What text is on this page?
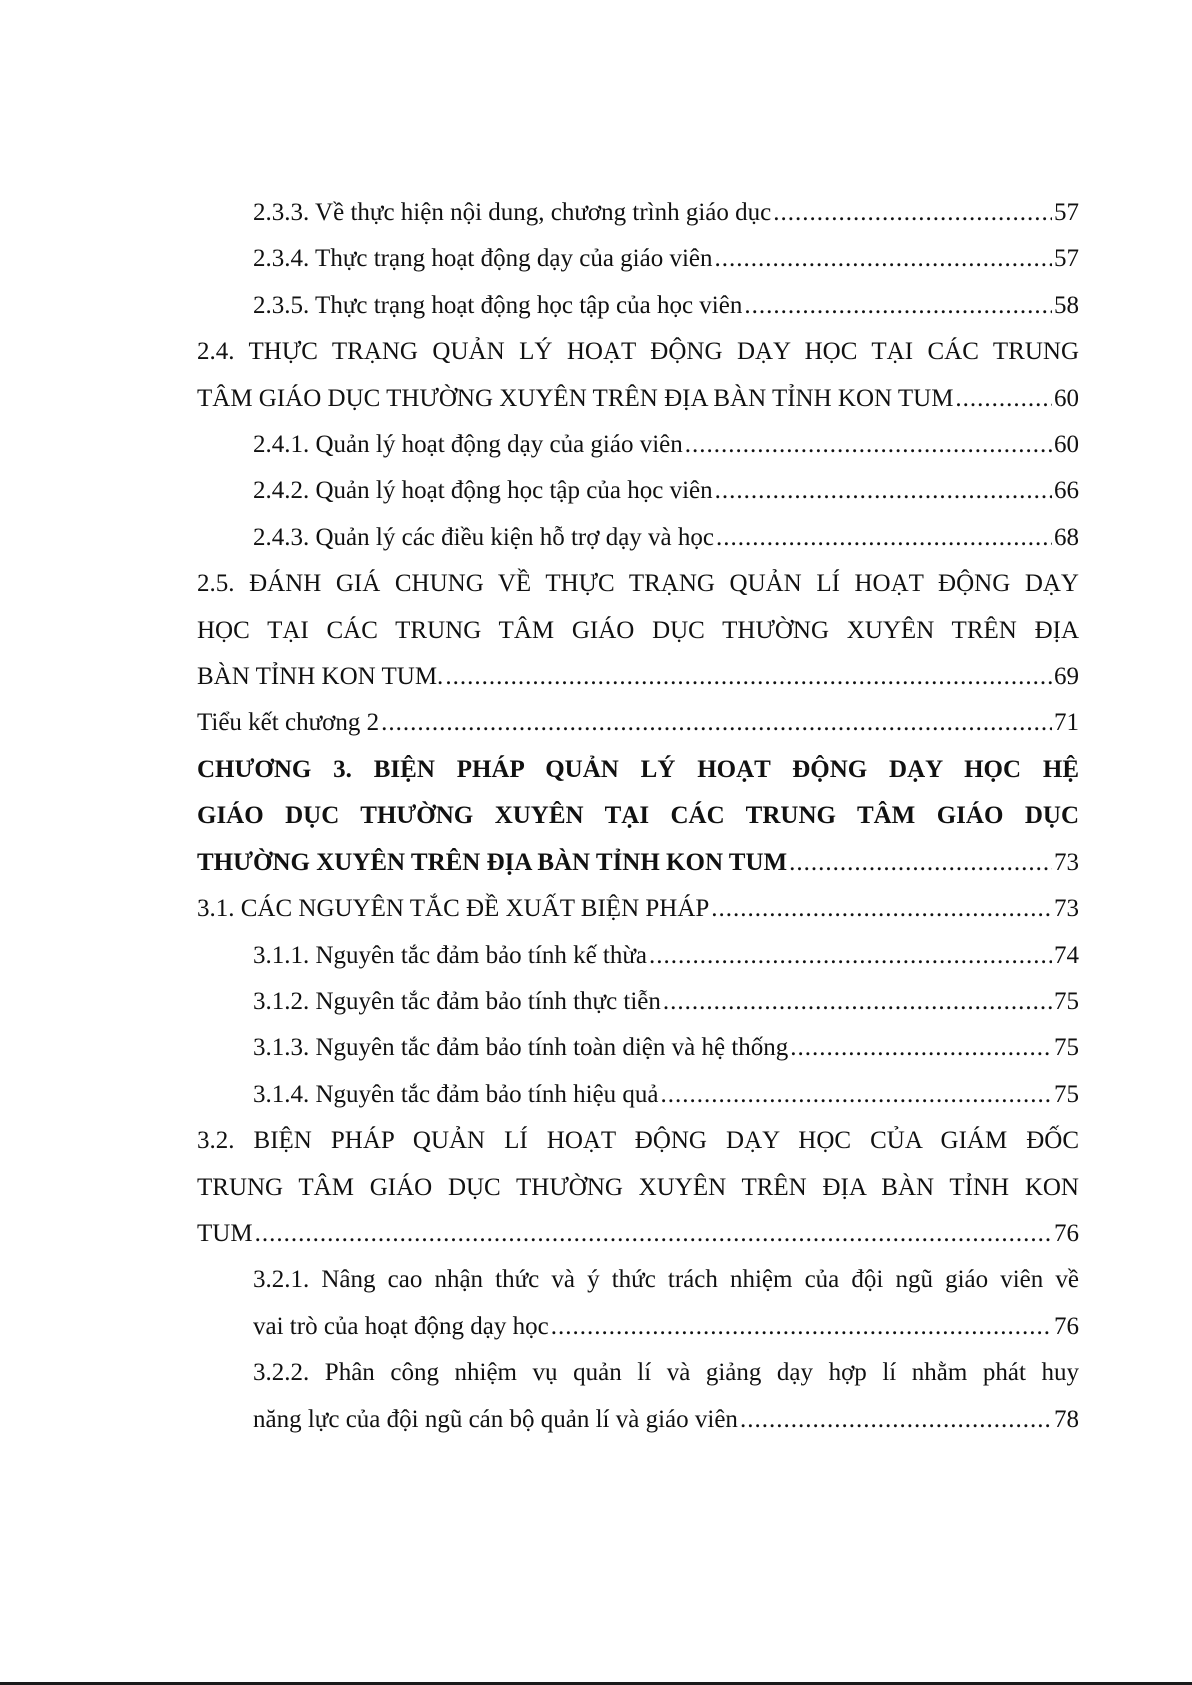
2.3.3. Về thực hiện nội dung, chương trình giáo dục .....	57
2.3.4. Thực trạng hoạt động dạy của giáo viên .....	57
2.3.5. Thực trạng hoạt động học tập của học viên .....	58
2.4. THỰC TRẠNG QUẢN LÝ HOẠT ĐỘNG DẠY HỌC TẠI CÁC TRUNG
TÂM GIÁO DỤC THƯỜNG XUYÊN TRÊN ĐỊA BÀN TỈNH KON TUM .....	60
2.4.1. Quản lý hoạt động dạy của giáo viên .....	60
2.4.2. Quản lý hoạt động học tập của học viên .....	66
2.4.3. Quản lý các điều kiện hỗ trợ dạy và học .....	68
2.5. ĐÁNH GIÁ CHUNG VỀ THỰC TRẠNG QUẢN LÍ HOẠT ĐỘNG DẠY
HỌC TẠI CÁC TRUNG TÂM GIÁO DỤC THƯỜNG XUYÊN TRÊN ĐỊA
BÀN TỈNH KON TUM. .....	69
Tiểu kết chương 2 .....	71
CHƯƠNG 3. BIỆN PHÁP QUẢN LÝ HOẠT ĐỘNG DẠY HỌC HỆ
GIÁO DỤC THƯỜNG XUYÊN TẠI CÁC TRUNG TÂM GIÁO DỤC
THƯỜNG XUYÊN TRÊN ĐỊA BÀN TỈNH KON TUM .....	73
3.1. CÁC NGUYÊN TẮC ĐỀ XUẤT BIỆN PHÁP .....	73
3.1.1. Nguyên tắc đảm bảo tính kế thừa .....	74
3.1.2. Nguyên tắc đảm bảo tính thực tiễn .....	75
3.1.3. Nguyên tắc đảm bảo tính toàn diện và hệ thống .....	75
3.1.4. Nguyên tắc đảm bảo tính hiệu quả .....	75
3.2. BIỆN PHÁP QUẢN LÍ HOẠT ĐỘNG DẠY HỌC CỦA GIÁM ĐỐC
TRUNG TÂM GIÁO DỤC THƯỜNG XUYÊN TRÊN ĐỊA BÀN TỈNH KON
TUM .....	76
3.2.1. Nâng cao nhận thức và ý thức trách nhiệm của đội ngũ giáo viên về
vai trò của hoạt động dạy học .....	76
3.2.2. Phân công nhiệm vụ quản lí và giảng dạy hợp lí nhằm phát huy
năng lực của đội ngũ cán bộ quản lí và giáo viên .....	78
